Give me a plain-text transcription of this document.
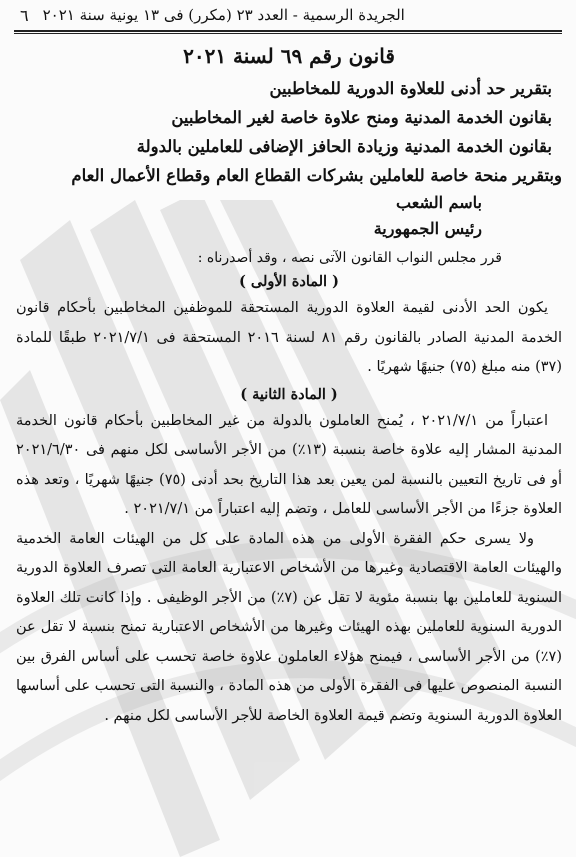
٦ الجريدة الرسمية - العدد ٢٣ (مكرر) فى ١٣ يونية سنة ٢٠٢١

قانون رقم ٦٩ لسنة ٢٠٢١

بتقرير حد أدنى للعلاوة الدورية للمخاطبين

بقانون الخدمة المدنية ومنح علاوة خاصة لغير المخاطبين

بقانون الخدمة المدنية وزيادة الحافز الإضافى للعاملين بالدولة

وبتقرير منحة خاصة للعاملين بشركات القطاع العام وقطاع الأعمال العام

باسم الشعب

رئيس الجمهورية

قرر مجلس النواب القانون الآتى نصه ، وقد أصدرناه :

( المادة الأولى )

يكون الحد الأدنى لقيمة العلاوة الدورية المستحقة للموظفين المخاطبين بأحكام قانون الخدمة المدنية الصادر بالقانون رقم ٨١ لسنة ٢٠١٦ المستحقة فى ٢٠٢١/٧/١ طبقًا للمادة (٣٧) منه مبلغ (٧٥) جنيهًا شهريًا .

( المادة الثانية )

اعتباراً من ٢٠٢١/٧/١ ، يُمنح العاملون بالدولة من غير المخاطبين بأحكام قانون الخدمة المدنية المشار إليه علاوة خاصة بنسبة (١٣٪) من الأجر الأساسى لكل منهم فى ٢٠٢١/٦/٣٠ أو فى تاريخ التعيين بالنسبة لمن يعين بعد هذا التاريخ بحد أدنى (٧٥) جنيهًا شهريًا ، وتعد هذه العلاوة جزءًا من الأجر الأساسى للعامل ، وتضم إليه اعتباراً من ٢٠٢١/٧/١ .

ولا يسرى حكم الفقرة الأولى من هذه المادة على كل من الهيئات العامة الخدمية والهيئات العامة الاقتصادية وغيرها من الأشخاص الاعتبارية العامة التى تصرف العلاوة الدورية السنوية للعاملين بها بنسبة مئوية لا تقل عن (٧٪) من الأجر الوظيفى . وإذا كانت تلك العلاوة الدورية السنوية للعاملين بهذه الهيئات وغيرها من الأشخاص الاعتبارية تمنح بنسبة لا تقل عن (٧٪) من الأجر الأساسى ، فيمنح هؤلاء العاملون علاوة خاصة تحسب على أساس الفرق بين النسبة المنصوص عليها فى الفقرة الأولى من هذه المادة ، والنسبة التى تحسب على أساسها العلاوة الدورية السنوية وتضم قيمة العلاوة الخاصة للأجر الأساسى لكل منهم .
